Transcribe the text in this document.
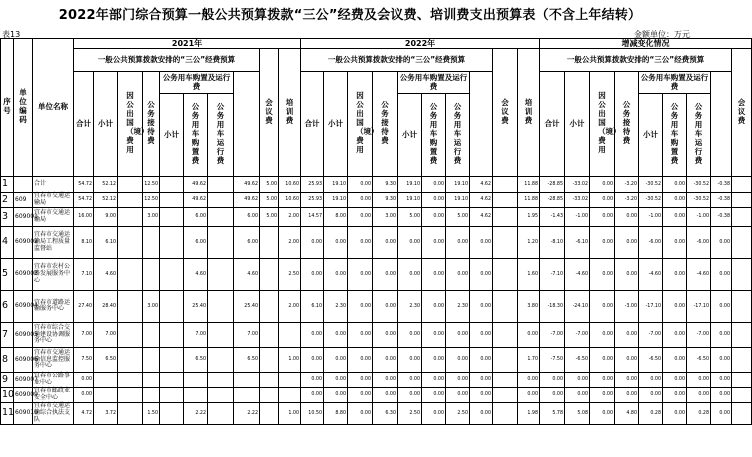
2022年部门综合预算一般公共预算拨款“三公”经费及会议费、培训费支出预算表（不含上年结转）
表13	金额单位：万元
序号	单位编码	单位名称	2021年										2022年										增减变化情况									
			一般公共预算拨款安排的“三公”经费预算								会议费	培训费	一般公共预算拨款安排的“三公”经费预算								会议费	培训费	一般公共预算拨款安排的“三公”经费预算								会议费	
			合计	小计	因公出国（境）费用	公务接待费	公务用车购置及运行费						合计	小计	因公出国（境）费用	公务接待费	公务用车购置及运行费						合计	小计	因公出国（境）费用	公务接待费	公务用车购置及运行费					
							小计	公务用车购置费	公务用车运行费								小计	公务用车购置费	公务用车运行费								小计	公务用车购置费	公务用车运行费			

1		合计	54.72	52.12		12.50		49.62		49.62	5.00	10.60	25.93	19.10	0.00	9.30	19.10	0.00	19.10	4.62		11.88	-28.85	-33.02	0.00	-3.20	-30.52	0.00	-30.52	-0.38		
2	609	宜春市交通运输局	54.72	52.12		12.50		49.62		49.62	5.00	10.60	25.93	19.10	0.00	9.30	19.10	0.00	19.10	4.62		11.88	-28.85	-33.02	0.00	-3.20	-30.52	0.00	-30.52	-0.38		
3	609001	宜春市交通运输局	16.00	9.00		3.00		6.00		6.00	5.00	2.00	14.57	8.00	0.00	3.00	5.00	0.00	5.00	4.62		1.95	-1.43	-1.00	0.00	0.00	-1.00	0.00	-1.00	-0.38		
4	609002	宜春市交通运输局工程质量监督站	8.10	6.10				6.00		6.00		2.00	0.00	0.00	0.00	0.00	0.00	0.00	0.00	0.00		1.20	-8.10	-6.10	0.00	0.00	-6.00	0.00	-6.00	0.00		
5	609003	宜春市农村公路发展服务中心	7.10	4.60				4.60		4.60		2.50	0.00	0.00	0.00	0.00	0.00	0.00	0.00	0.00		1.60	-7.10	-4.60	0.00	0.00	-4.60	0.00	-4.60	0.00		
6	609004	宜春市道路运输服务中心	27.40	28.40		3.00		25.40		25.40		2.00	6.10	2.30	0.00	0.00	2.30	0.00	2.30	0.00		3.80	-18.30	-24.10	0.00	-3.00	-17.10	0.00	-17.10	0.00		
7	609005	宜春市综合交通建设协调服务中心	7.00	7.00				7.00		7.00			0.00	0.00	0.00	0.00	0.00	0.00	0.00	0.00		0.00	-7.00	-7.00	0.00	0.00	-7.00	0.00	-7.00	0.00		
8	609006	宜春市交通运输信息监控服务中心	7.50	6.50				6.50		6.50		1.00	0.00	0.00	0.00	0.00	0.00	0.00	0.00	0.00		1.70	-7.50	-6.50	0.00	0.00	-6.50	0.00	-6.50	0.00		
9	609007	宜春市公路事业中心	0.00										0.00	0.00	0.00	0.00	0.00	0.00	0.00	0.00		0.00	0.00	0.00	0.00	0.00	0.00	0.00	0.00	0.00		
10	609009	宜春市邮政业安全中心	0.00										0.00	0.00	0.00	0.00	0.00	0.00	0.00	0.00		0.00	0.00	0.00	0.00	0.00	0.00	0.00	0.00	0.00		
11	609010	宜春市交通运输综合执法支队	4.72	3.72		1.50		2.22		2.22		1.00	10.50	8.80	0.00	6.30	2.50	0.00	2.50	0.00		1.98	5.78	5.08	0.00	4.80	0.28	0.00	0.28	0.00		
